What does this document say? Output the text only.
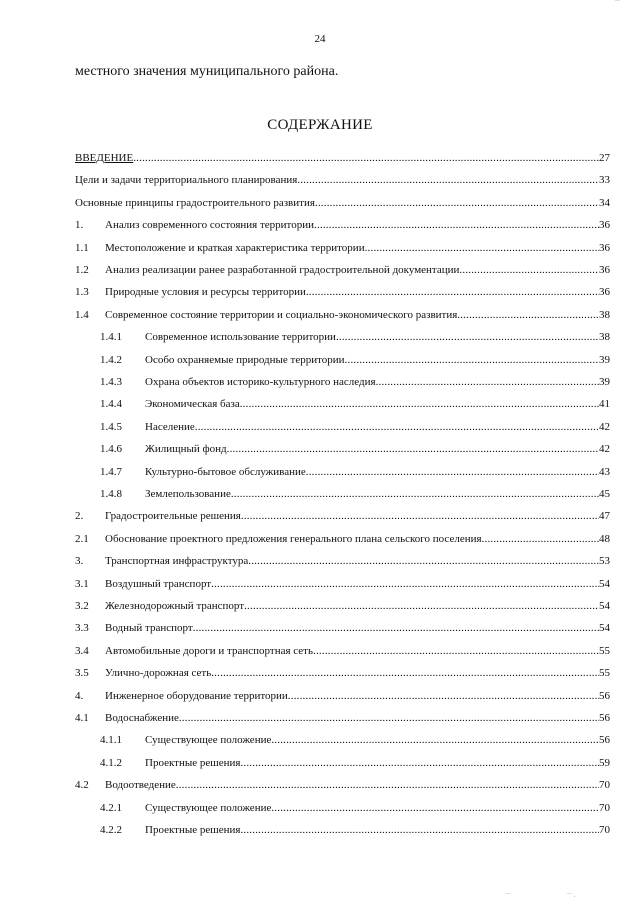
24
местного значения муниципального района.
СОДЕРЖАНИЕ
ВВЕДЕНИЕ .....	27
Цели и задачи территориального планирования .....	33
Основные принципы градостроительного развития .....	34
1. Анализ современного состояния территории .....	36
1.1 Местоположение и краткая характеристика территории .....	36
1.2 Анализ реализации ранее разработанной градостроительной документации .....	36
1.3 Природные условия и ресурсы территории .....	36
1.4 Современное состояние территории и социально-экономического развития .....	38
1.4.1 Современное использование территории .....	38
1.4.2 Особо охраняемые природные территории .....	39
1.4.3 Охрана объектов историко-культурного наследия .....	39
1.4.4 Экономическая база .....	41
1.4.5 Население .....	42
1.4.6 Жилищный фонд .....	42
1.4.7 Культурно-бытовое обслуживание .....	43
1.4.8 Землепользование .....	45
2. Градостроительные решения .....	47
2.1 Обоснование проектного предложения генерального плана сельского поселения .....	48
3. Транспортная инфраструктура .....	53
3.1 Воздушный транспорт .....	54
3.2 Железнодорожный транспорт .....	54
3.3 Водный транспорт .....	54
3.4 Автомобильные дороги и транспортная сеть .....	55
3.5 Улично-дорожная сеть .....	55
4. Инженерное оборудование территории .....	56
4.1 Водоснабжение .....	56
4.1.1 Существующее положение .....	56
4.1.2 Проектные решения .....	59
4.2 Водоотведение .....	70
4.2.1 Существующее положение .....	70
4.2.2 Проектные решения .....	70
‾‾
‾‾	‾‾ ·
